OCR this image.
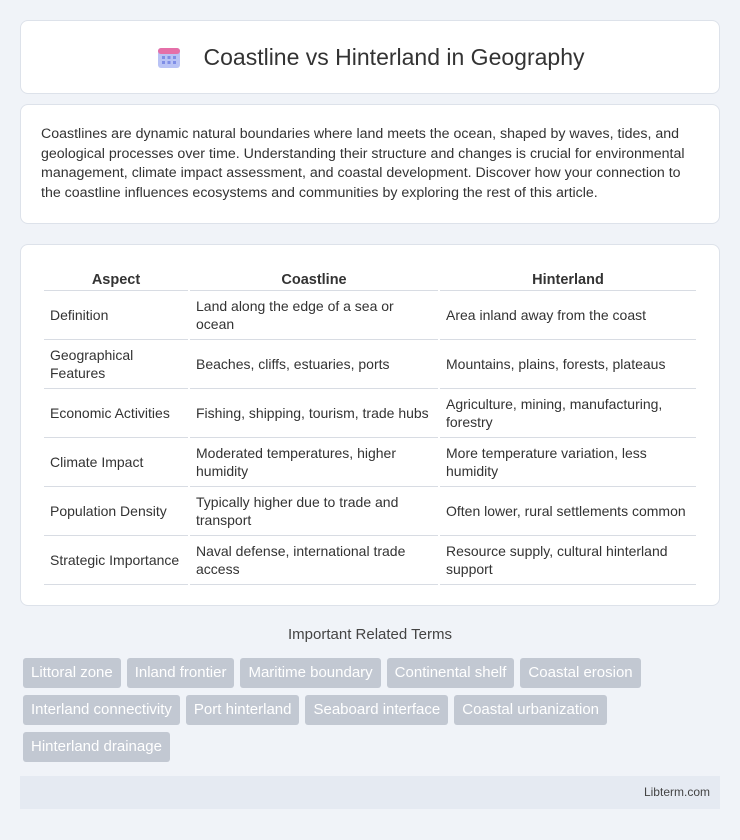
Coastline vs Hinterland in Geography

Coastlines are dynamic natural boundaries where land meets the ocean, shaped by waves, tides, and geological processes over time. Understanding their structure and changes is crucial for environmental management, climate impact assessment, and coastal development. Discover how your connection to the coastline influences ecosystems and communities by exploring the rest of this article.

Aspect	Coastline	Hinterland
Definition	Land along the edge of a sea or ocean	Area inland away from the coast
Geographical Features	Beaches, cliffs, estuaries, ports	Mountains, plains, forests, plateaus
Economic Activities	Fishing, shipping, tourism, trade hubs	Agriculture, mining, manufacturing, forestry
Climate Impact	Moderated temperatures, higher humidity	More temperature variation, less humidity
Population Density	Typically higher due to trade and transport	Often lower, rural settlements common
Strategic Importance	Naval defense, international trade access	Resource supply, cultural hinterland support
Important Related Terms
Littoral zone	Inland frontier	Maritime boundary	Continental shelf	Coastal erosion
Interland connectivity	Port hinterland	Seaboard interface	Coastal urbanization
Hinterland drainage
Libterm.com
